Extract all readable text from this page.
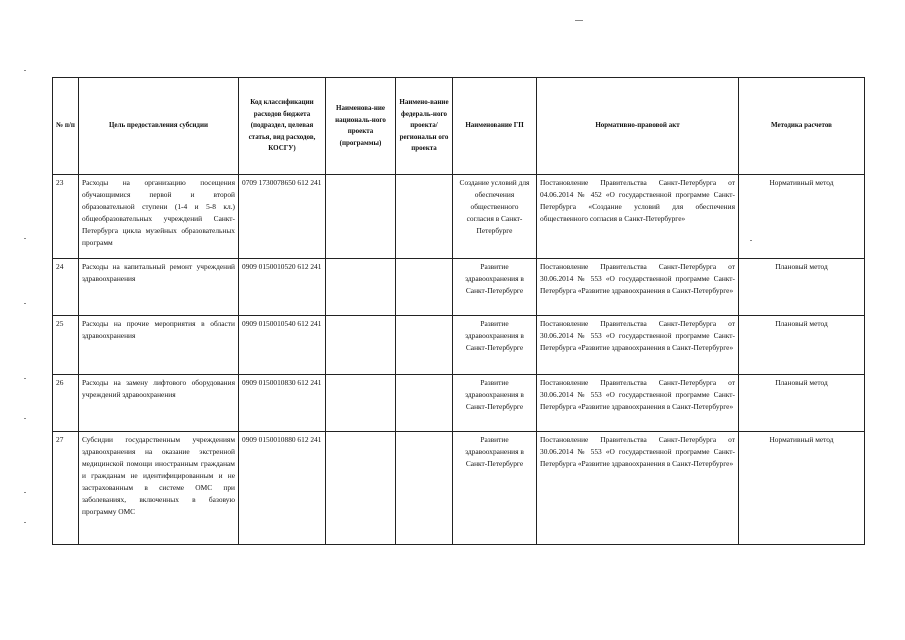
№ п/п	Цель предоставления субсидии	Код классификации расходов бюджета (подраздел, целевая статья, вид расходов, КОСГУ)	Наименова-ние националь-ного проекта (программы)	Наимено-вание федераль-ного проекта/ региональн ого проекта	Наименование ГП	Нормативно-правовой акт	Методика расчетов
23	Расходы на организацию посещения обучающимися первой и второй образовательной ступени (1-4 и 5-8 кл.) общеобразовательных учреждений Санкт-Петербурга цикла музейных образовательных программ	0709 1730078650 612 241			Создание условий для обеспечения общественного согласия в Санкт-Петербурге	Постановление Правительства Санкт-Петербурга от 04.06.2014 № 452 «О государственной программе Санкт-Петербурга «Создание условий для обеспечения общественного согласия в Санкт-Петербурге»	Нормативный метод
24	Расходы на капитальный ремонт учреждений здравоохранения	0909 0150010520 612 241			Развитие здравоохранения в Санкт-Петербурге	Постановление Правительства Санкт-Петербурга от 30.06.2014 № 553 «О государственной программе Санкт-Петербурга «Развитие здравоохранения в Санкт-Петербурге»	Плановый метод
25	Расходы на прочие мероприятия в области здравоохранения	0909 0150010540 612 241			Развитие здравоохранения в Санкт-Петербурге	Постановление Правительства Санкт-Петербурга от 30.06.2014 № 553 «О государственной программе Санкт-Петербурга «Развитие здравоохранения в Санкт-Петербурге»	Плановый метод
26	Расходы на замену лифтового оборудования учреждений здравоохранения	0909 0150010830 612 241			Развитие здравоохранения в Санкт-Петербурге	Постановление Правительства Санкт-Петербурга от 30.06.2014 № 553 «О государственной программе Санкт-Петербурга «Развитие здравоохранения в Санкт-Петербурге»	Плановый метод
27	Субсидии государственным учреждениям здравоохранения на оказание экстренной медицинской помощи иностранным гражданам и гражданам не идентифицированным и не застрахованным в системе ОМС при заболеваниях, включенных в базовую программу ОМС	0909 0150010880 612 241			Развитие здравоохранения в Санкт-Петербурге	Постановление Правительства Санкт-Петербурга от 30.06.2014 № 553 «О государственной программе Санкт-Петербурга «Развитие здравоохранения в Санкт-Петербурге»	Нормативный метод
